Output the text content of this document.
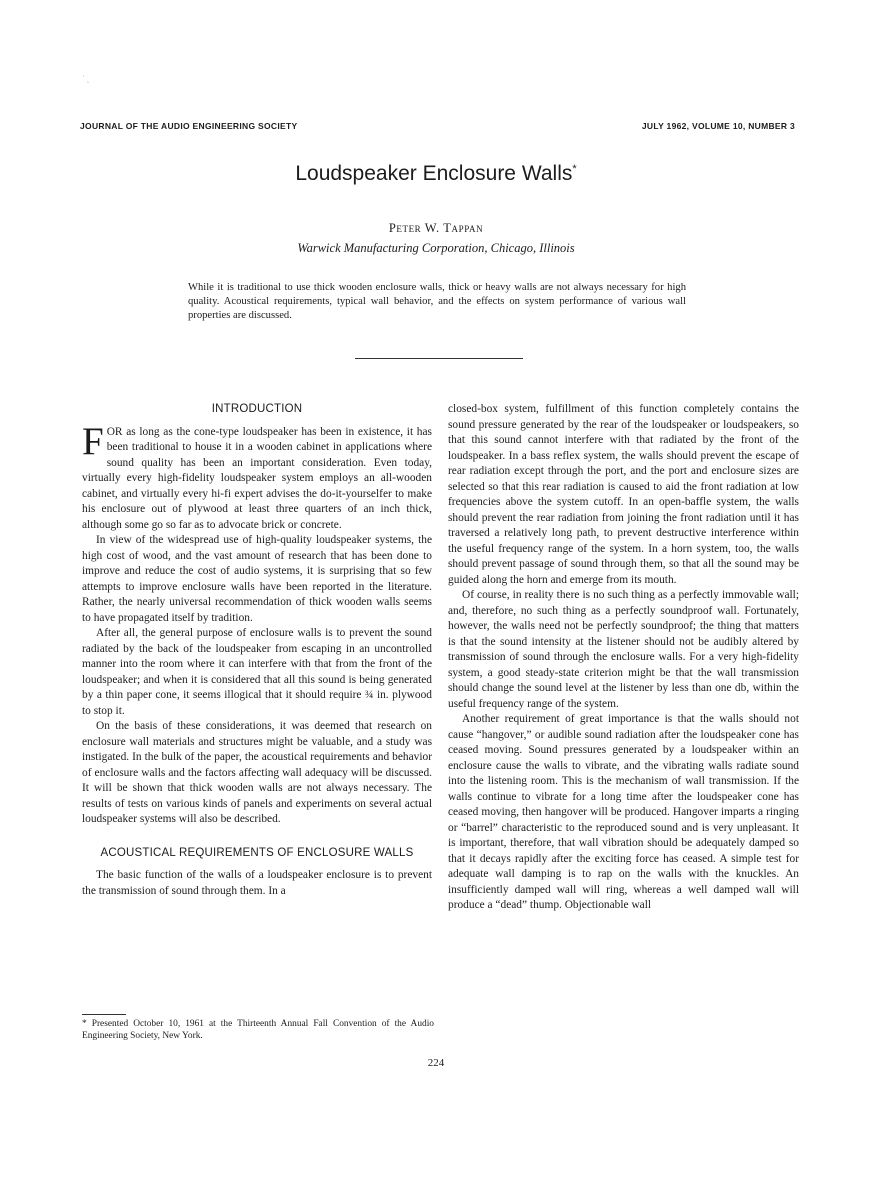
˙ ˎ
JOURNAL OF THE AUDIO ENGINEERING SOCIETY	JULY 1962, VOLUME 10, NUMBER 3
Loudspeaker Enclosure Walls*
Peter W. Tappan
Warwick Manufacturing Corporation, Chicago, Illinois
While it is traditional to use thick wooden enclosure walls, thick or heavy walls are not always necessary for high quality. Acoustical requirements, typical wall behavior, and the effects on system performance of various wall properties are discussed.
INTRODUCTION

FOR as long as the cone-type loudspeaker has been in existence, it has been traditional to house it in a wooden cabinet in applications where sound quality has been an important consideration. Even today, virtually every high-fidelity loudspeaker system employs an all-wooden cabinet, and virtually every hi-fi expert advises the do-it-yourselfer to make his enclosure out of plywood at least three quarters of an inch thick, although some go so far as to advocate brick or concrete.

In view of the widespread use of high-quality loudspeaker systems, the high cost of wood, and the vast amount of research that has been done to improve and reduce the cost of audio systems, it is surprising that so few attempts to improve enclosure walls have been reported in the literature. Rather, the nearly universal recommendation of thick wooden walls seems to have propagated itself by tradition.

After all, the general purpose of enclosure walls is to prevent the sound radiated by the back of the loudspeaker from escaping in an uncontrolled manner into the room where it can interfere with that from the front of the loudspeaker; and when it is considered that all this sound is being generated by a thin paper cone, it seems illogical that it should require ¾ in. plywood to stop it.

On the basis of these considerations, it was deemed that research on enclosure wall materials and structures might be valuable, and a study was instigated. In the bulk of the paper, the acoustical requirements and behavior of enclosure walls and the factors affecting wall adequacy will be discussed. It will be shown that thick wooden walls are not always necessary. The results of tests on various kinds of panels and experiments on several actual loudspeaker systems will also be described.

ACOUSTICAL REQUIREMENTS OF ENCLOSURE WALLS

The basic function of the walls of a loudspeaker enclosure is to prevent the transmission of sound through them. In a

closed-box system, fulfillment of this function completely contains the sound pressure generated by the rear of the loudspeaker or loudspeakers, so that this sound cannot interfere with that radiated by the front of the loudspeaker. In a bass reflex system, the walls should prevent the escape of rear radiation except through the port, and the port and enclosure sizes are selected so that this rear radiation is caused to aid the front radiation at low frequencies above the system cutoff. In an open-baffle system, the walls should prevent the rear radiation from joining the front radiation until it has traversed a relatively long path, to prevent destructive interference within the useful frequency range of the system. In a horn system, too, the walls should prevent passage of sound through them, so that all the sound may be guided along the horn and emerge from its mouth.

Of course, in reality there is no such thing as a perfectly immovable wall; and, therefore, no such thing as a perfectly soundproof wall. Fortunately, however, the walls need not be perfectly soundproof; the thing that matters is that the sound intensity at the listener should not be audibly altered by transmission of sound through the enclosure walls. For a very high-fidelity system, a good steady-state criterion might be that the wall transmission should change the sound level at the listener by less than one db, within the useful frequency range of the system.

Another requirement of great importance is that the walls should not cause “hangover,” or audible sound radiation after the loudspeaker cone has ceased moving. Sound pressures generated by a loudspeaker within an enclosure cause the walls to vibrate, and the vibrating walls radiate sound into the listening room. This is the mechanism of wall transmission. If the walls continue to vibrate for a long time after the loudspeaker cone has ceased moving, then hangover will be produced. Hangover imparts a ringing or “barrel” characteristic to the reproduced sound and is very unpleasant. It is important, therefore, that wall vibration should be adequately damped so that it decays rapidly after the exciting force has ceased. A simple test for adequate wall damping is to rap on the walls with the knuckles. An insufficiently damped wall will ring, whereas a well damped wall will produce a “dead” thump. Objectionable wall

* Presented October 10, 1961 at the Thirteenth Annual Fall Convention of the Audio Engineering Society, New York.
224
